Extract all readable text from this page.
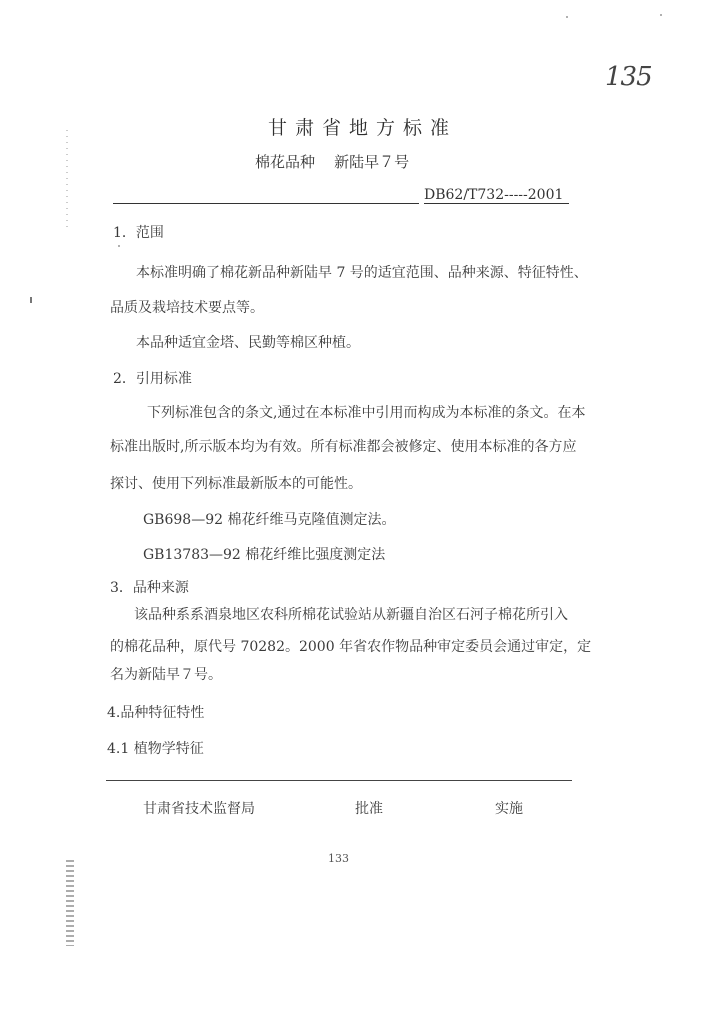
135
甘肃省地方标准
棉花品种    新陆早７号
DB62/T732-----2001
1．范围
本标准明确了棉花新品种新陆早 7 号的适宜范围、品种来源、特征特性、
品质及栽培技术要点等。
本品种适宜金塔、民勤等棉区种植。
2．引用标准
下列标准包含的条文,通过在本标准中引用而构成为本标准的条文。在本
标准出版时,所示版本均为有效。所有标准都会被修定、使用本标准的各方应
探讨、使用下列标准最新版本的可能性。
GB698—92 棉花纤维马克隆值测定法。
GB13783—92 棉花纤维比强度测定法
3．品种来源
该品种系系酒泉地区农科所棉花试验站从新疆自治区石河子棉花所引入
的棉花品种，原代号 70282。2000 年省农作物品种审定委员会通过审定，定
名为新陆早７号。
4.品种特征特性
4.1 植物学特征
甘肃省技术监督局	批准	实施
133
